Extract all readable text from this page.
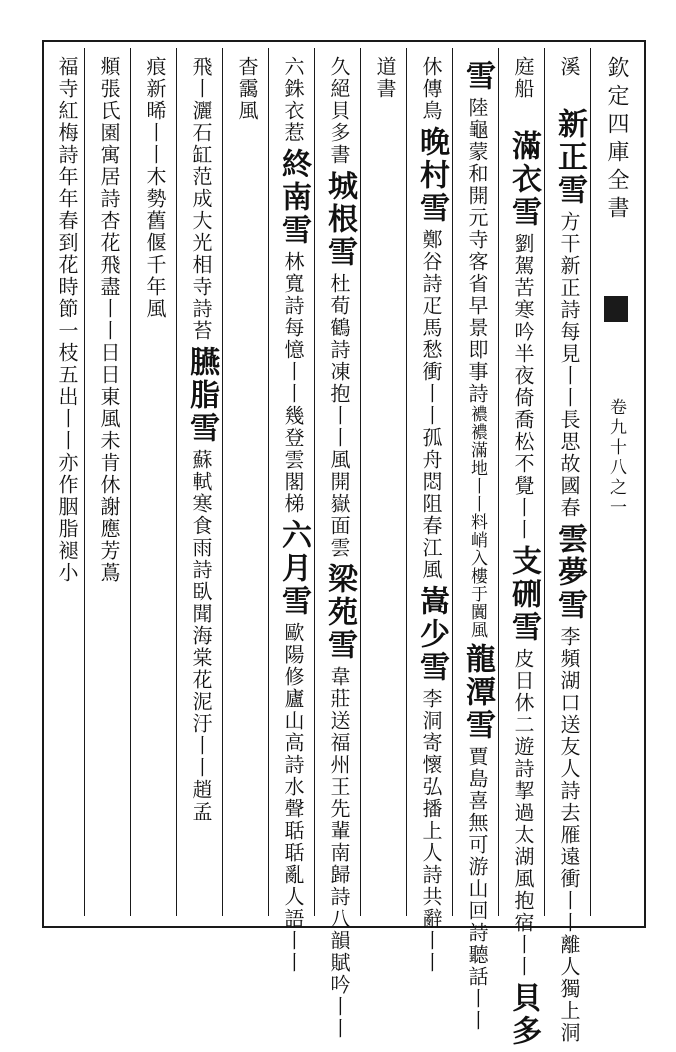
欽定四庫全書
卷九十八之一
溪 新正雪方干新正詩每見丨丨長思故國春雲夢雪李頻湖口送友人詩去雁遠衝丨丨離人獨上洞
庭船 滿衣雪劉駕苦寒吟半夜倚喬松不覺丨丨支硎雪皮日休二遊詩挈過太湖風抱宿丨丨貝多
雪陸龜蒙和開元寺客省早景即事詩襛襛滿地丨丨料峭入樓于闐風龍潭雪賈島喜無可游山回詩聽話丨丨
休傳鳥晚村雪鄭谷詩疋馬愁衝丨丨孤舟悶阻春江風嵩少雪李洞寄懷弘播上人詩共辭丨丨
道書
久絕貝多書城根雪杜荀鶴詩凍抱丨丨風開嶽面雲梁苑雪韋莊送福州王先輩南歸詩八韻賦吟丨丨
六銖衣惹終南雪林寬詩每憶丨丨幾登雲閣梯六月雪歐陽修廬山高詩水聲聒聒亂人語丨丨
杳靄風
飛丨灑石缸范成大光相寺詩苔臙脂雪蘇軾寒食雨詩臥聞海棠花泥汙丨丨趙孟
痕新晞丨丨木勢舊偃千年風
頫張氏園寓居詩杏花飛盡丨丨日日東風未肯休謝應芳蔦
福寺紅梅詩年年春到花時節一枝五出丨丨亦作胭脂褪小
